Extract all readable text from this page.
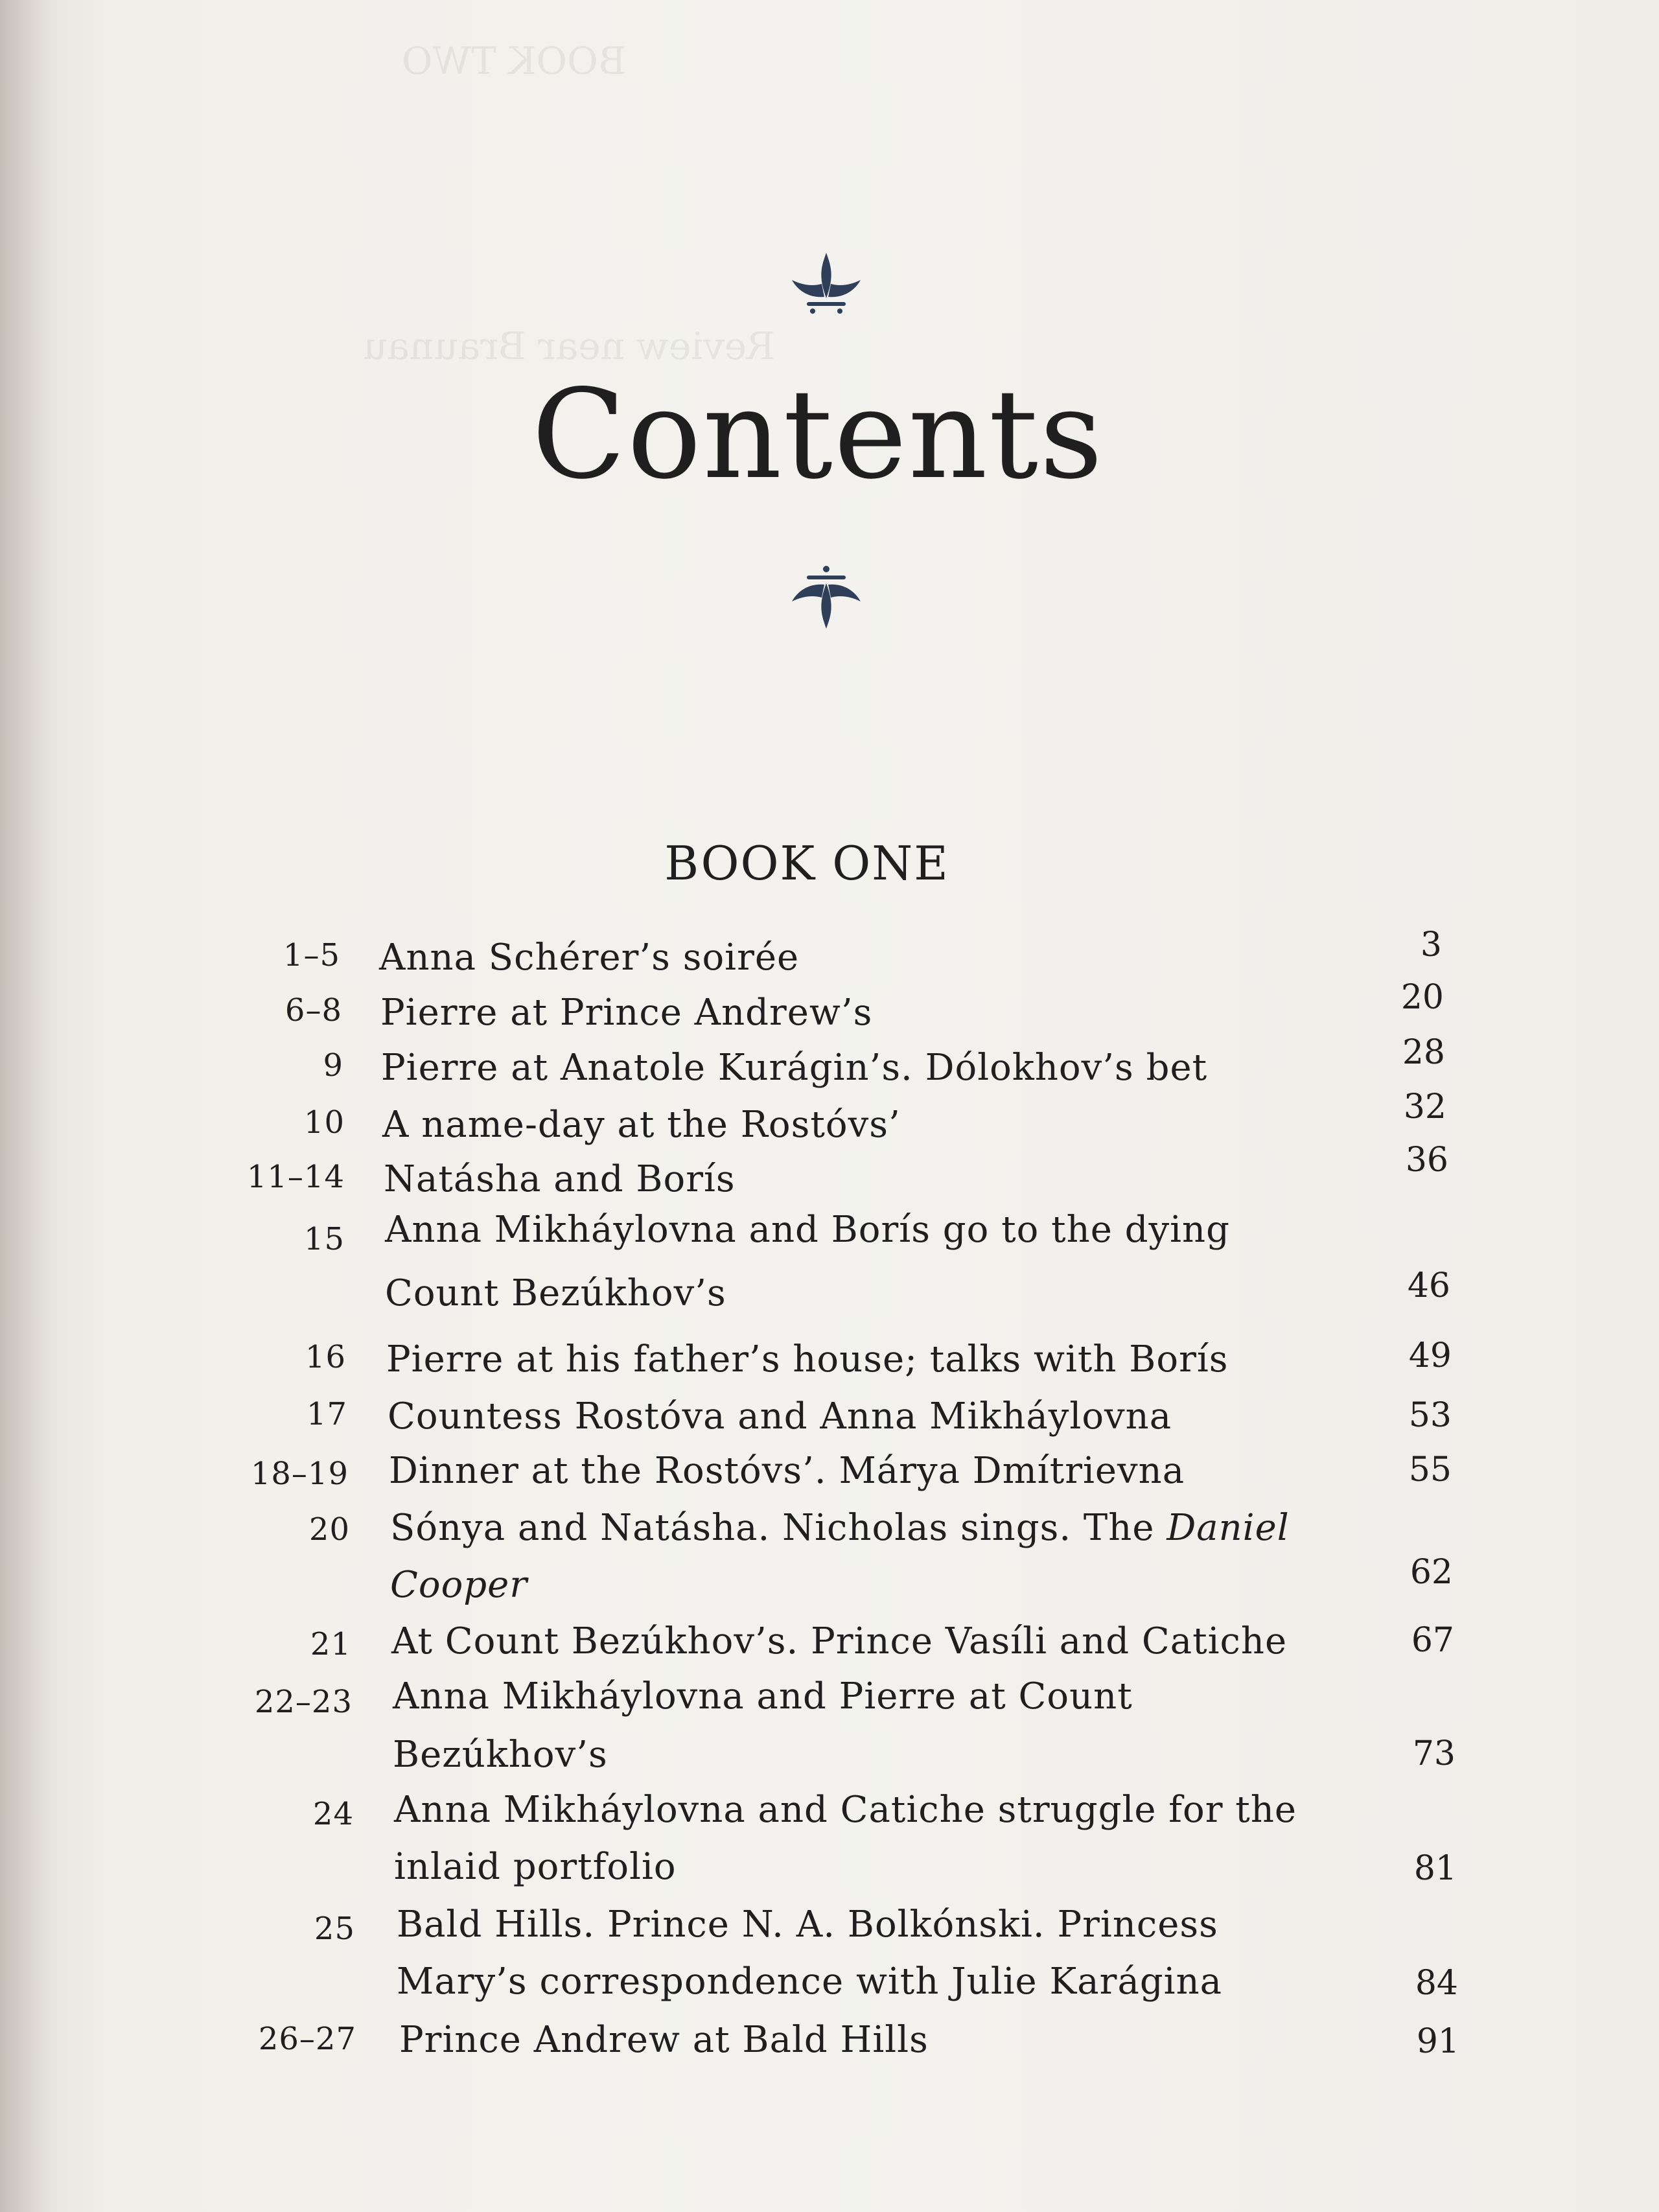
BOOK TWO
Review near Braunau
Contents
BOOK ONE
1–5 Anna Schérer’s soirée	3
6–8 Pierre at Prince Andrew’s	20
9 Pierre at Anatole Kurágin’s. Dólokhov’s bet	28
10 A name-day at the Rostóvs’	32
11–14 Natásha and Borís	36
15 Anna Mikháylovna and Borís go to the dying
Count Bezúkhov’s	46
16 Pierre at his father’s house; talks with Borís	49
17 Countess Rostóva and Anna Mikháylovna	53
18–19 Dinner at the Rostóvs’. Márya Dmítrievna	55
20 Sónya and Natásha. Nicholas sings. The Daniel
Cooper	62
21 At Count Bezúkhov’s. Prince Vasíli and Catiche	67
22–23 Anna Mikháylovna and Pierre at Count
Bezúkhov’s	73
24 Anna Mikháylovna and Catiche struggle for the
inlaid portfolio	81
25 Bald Hills. Prince N. A. Bolkónski. Princess
Mary’s correspondence with Julie Karágina	84
26–27 Prince Andrew at Bald Hills	91
